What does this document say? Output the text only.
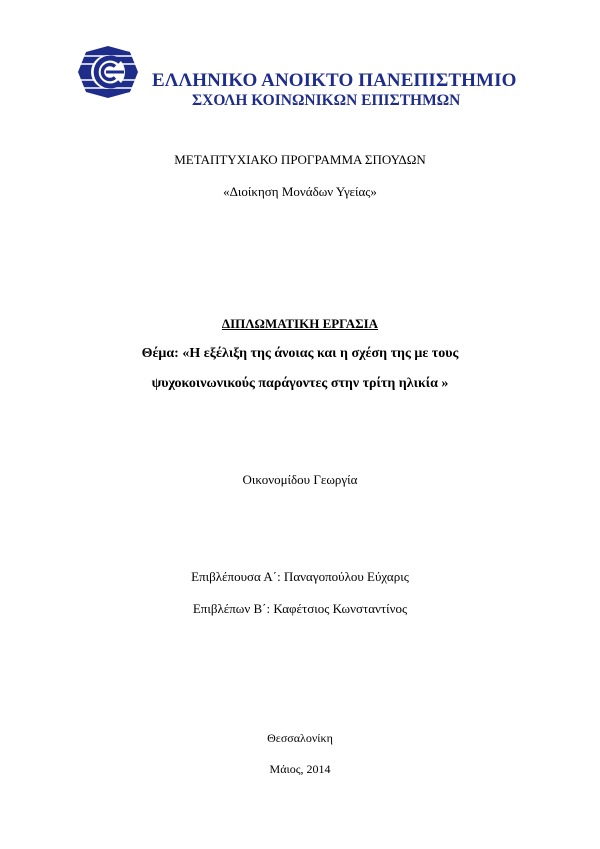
ΕΛΛΗΝΙΚΟ ΑΝΟΙΚΤΟ ΠΑΝΕΠΙΣΤΗΜΙΟ
ΣΧΟΛΗ ΚΟΙΝΩΝΙΚΩΝ ΕΠΙΣΤΗΜΩΝ
ΜΕΤΑΠΤΥΧΙΑΚΟ ΠΡΟΓΡΑΜΜΑ ΣΠΟΥΔΩΝ
«Διοίκηση Μονάδων Υγείας»
ΔΙΠΛΩΜΑΤΙΚΗ ΕΡΓΑΣΙΑ
Θέμα: «Η εξέλιξη της άνοιας και η σχέση της με τους
ψυχοκοινωνικούς παράγοντες στην τρίτη ηλικία »
Οικονομίδου Γεωργία
Επιβλέπουσα Α΄: Παναγοπούλου Εύχαρις
Επιβλέπων Β΄: Καφέτσιος Κωνσταντίνος
Θεσσαλονίκη
Μάιος, 2014
